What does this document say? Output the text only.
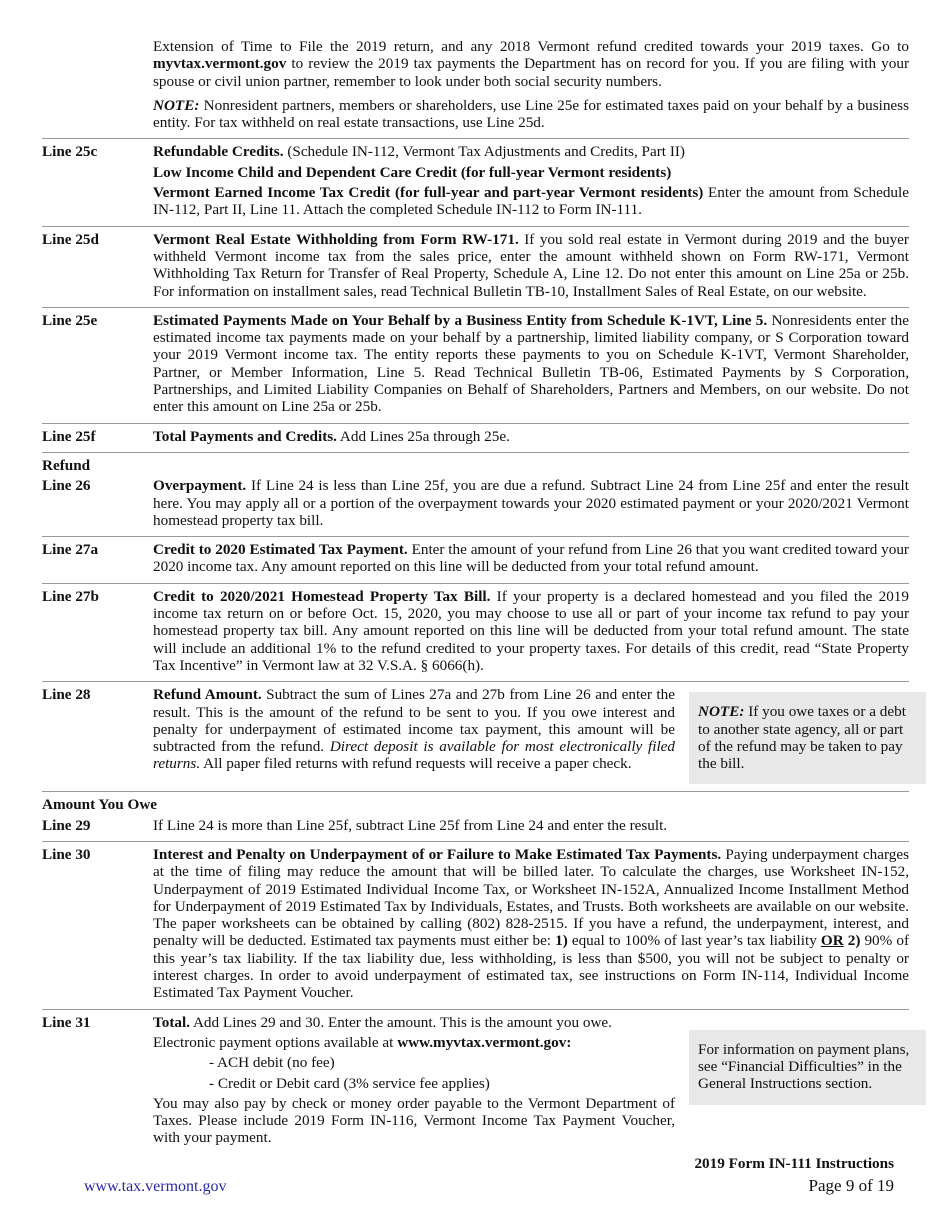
Extension of Time to File the 2019 return, and any 2018 Vermont refund credited towards your 2019 taxes. Go to myvtax.vermont.gov to review the 2019 tax payments the Department has on record for you. If you are filing with your spouse or civil union partner, remember to look under both social security numbers.

NOTE: Nonresident partners, members or shareholders, use Line 25e for estimated taxes paid on your behalf by a business entity. For tax withheld on real estate transactions, use Line 25d.

Line 25c	Refundable Credits. (Schedule IN-112, Vermont Tax Adjustments and Credits, Part II)

Low Income Child and Dependent Care Credit (for full-year Vermont residents)

Vermont Earned Income Tax Credit (for full-year and part-year Vermont residents) Enter the amount from Schedule IN-112, Part II, Line 11. Attach the completed Schedule IN-112 to Form IN-111.

Line 25d	Vermont Real Estate Withholding from Form RW-171. If you sold real estate in Vermont during 2019 and the buyer withheld Vermont income tax from the sales price, enter the amount withheld shown on Form RW-171, Vermont Withholding Tax Return for Transfer of Real Property, Schedule A, Line 12. Do not enter this amount on Line 25a or 25b. For information on installment sales, read Technical Bulletin TB-10, Installment Sales of Real Estate, on our website.
Line 25e	Estimated Payments Made on Your Behalf by a Business Entity from Schedule K-1VT, Line 5. Nonresidents enter the estimated income tax payments made on your behalf by a partnership, limited liability company, or S Corporation toward your 2019 Vermont income tax. The entity reports these payments to you on Schedule K-1VT, Vermont Shareholder, Partner, or Member Information, Line 5. Read Technical Bulletin TB-06, Estimated Payments by S Corporation, Partnerships, and Limited Liability Companies on Behalf of Shareholders, Partners and Members, on our website. Do not enter this amount on Line 25a or 25b.
Line 25f	Total Payments and Credits. Add Lines 25a through 25e.
Refund
Line 26	Overpayment. If Line 24 is less than Line 25f, you are due a refund. Subtract Line 24 from Line 25f and enter the result here. You may apply all or a portion of the overpayment towards your 2020 estimated payment or your 2020/2021 Vermont homestead property tax bill.
Line 27a	Credit to 2020 Estimated Tax Payment. Enter the amount of your refund from Line 26 that you want credited toward your 2020 income tax. Any amount reported on this line will be deducted from your total refund amount.
Line 27b	Credit to 2020/2021 Homestead Property Tax Bill. If your property is a declared homestead and you filed the 2019 income tax return on or before Oct. 15, 2020, you may choose to use all or part of your income tax refund to pay your homestead property tax bill. Any amount reported on this line will be deducted from your total refund amount. The state will include an additional 1% to the refund credited to your property taxes. For details of this credit, read “State Property Tax Incentive” in Vermont law at 32 V.S.A. § 6066(h).
Line 28	Refund Amount. Subtract the sum of Lines 27a and 27b from Line 26 and enter the result. This is the amount of the refund to be sent to you. If you owe interest and penalty for underpayment of estimated income tax payment, this amount will be subtracted from the refund. Direct deposit is available for most electronically filed returns. All paper filed returns with refund requests will receive a paper check.
NOTE: If you owe taxes or a debt to another state agency, all or part of the refund may be taken to pay the bill.
Amount You Owe
Line 29	If Line 24 is more than Line 25f, subtract Line 25f from Line 24 and enter the result.
Line 30	Interest and Penalty on Underpayment of or Failure to Make Estimated Tax Payments. Paying underpayment charges at the time of filing may reduce the amount that will be billed later. To calculate the charges, use Worksheet IN-152, Underpayment of 2019 Estimated Individual Income Tax, or Worksheet IN-152A, Annualized Income Installment Method for Underpayment of 2019 Estimated Tax by Individuals, Estates, and Trusts. Both worksheets are available on our website. The paper worksheets can be obtained by calling (802) 828-2515. If you have a refund, the underpayment, interest, and penalty will be deducted. Estimated tax payments must either be: 1) equal to 100% of last year’s tax liability OR 2) 90% of this year’s tax liability. If the tax liability due, less withholding, is less than $500, you will not be subject to penalty or interest charges. In order to avoid underpayment of estimated tax, see instructions on Form IN-114, Individual Income Estimated Tax Payment Voucher.
Line 31	Total. Add Lines 29 and 30. Enter the amount. This is the amount you owe.

Electronic payment options available at www.myvtax.vermont.gov:

- ACH debit (no fee)

- Credit or Debit card (3% service fee applies)

You may also pay by check or money order payable to the Vermont Department of Taxes. Please include 2019 Form IN-116, Vermont Income Tax Payment Voucher, with your payment.

For information on payment plans, see “Financial Difficulties” in the General Instructions section.
2019 Form IN-111 Instructions
www.tax.vermont.gov	Page 9 of 19
